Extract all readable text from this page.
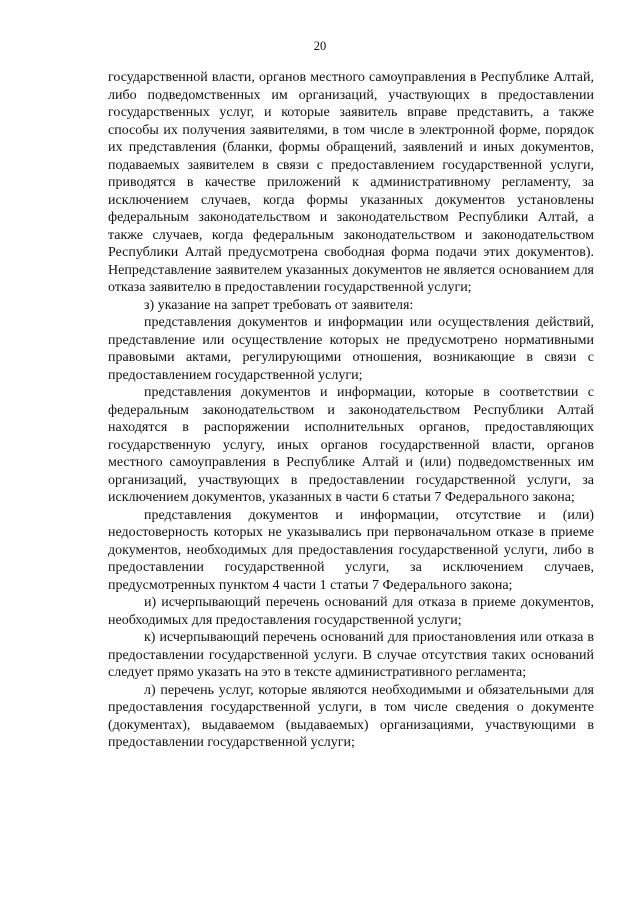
20

государственной власти, органов местного самоуправления в Республике Алтай, либо подведомственных им организаций, участвующих в предоставлении государственных услуг, и которые заявитель вправе представить, а также способы их получения заявителями, в том числе в электронной форме, порядок их представления (бланки, формы обращений, заявлений и иных документов, подаваемых заявителем в связи с предоставлением государственной услуги, приводятся в качестве приложений к административному регламенту, за исключением случаев, когда формы указанных документов установлены федеральным законодательством и законодательством Республики Алтай, а также случаев, когда федеральным законодательством и законодательством Республики Алтай предусмотрена свободная форма подачи этих документов). Непредставление заявителем указанных документов не является основанием для отказа заявителю в предоставлении государственной услуги;

з) указание на запрет требовать от заявителя:

представления документов и информации или осуществления действий, представление или осуществление которых не предусмотрено нормативными правовыми актами, регулирующими отношения, возникающие в связи с предоставлением государственной услуги;

представления документов и информации, которые в соответствии с федеральным законодательством и законодательством Республики Алтай находятся в распоряжении исполнительных органов, предоставляющих государственную услугу, иных органов государственной власти, органов местного самоуправления в Республике Алтай и (или) подведомственных им организаций, участвующих в предоставлении государственной услуги, за исключением документов, указанных в части 6 статьи 7 Федерального закона;

представления документов и информации, отсутствие и (или) недостоверность которых не указывались при первоначальном отказе в приеме документов, необходимых для предоставления государственной услуги, либо в предоставлении государственной услуги, за исключением случаев, предусмотренных пунктом 4 части 1 статьи 7 Федерального закона;

и) исчерпывающий перечень оснований для отказа в приеме документов, необходимых для предоставления государственной услуги;

к) исчерпывающий перечень оснований для приостановления или отказа в предоставлении государственной услуги. В случае отсутствия таких оснований следует прямо указать на это в тексте административного регламента;

л) перечень услуг, которые являются необходимыми и обязательными для предоставления государственной услуги, в том числе сведения о документе (документах), выдаваемом (выдаваемых) организациями, участвующими в предоставлении государственной услуги;
